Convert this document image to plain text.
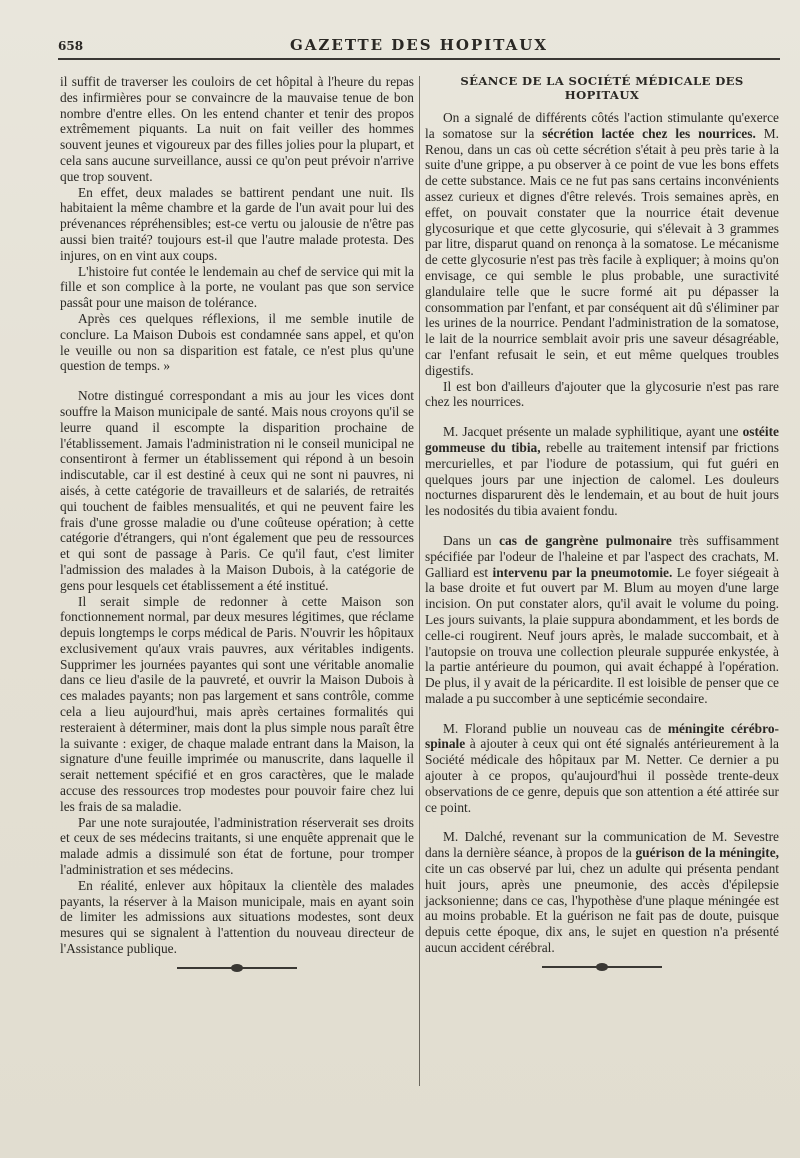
658	GAZETTE DES HOPITAUX

il suffit de traverser les couloirs de cet hôpital à l'heure du repas des infirmières pour se convaincre de la mauvaise tenue de bon nombre d'entre elles. On les entend chanter et tenir des propos extrêmement piquants. La nuit on fait veiller des hommes souvent jeunes et vigoureux par des filles jolies pour la plupart, et cela sans aucune surveillance, aussi ce qu'on peut prévoir n'arrive que trop souvent.

En effet, deux malades se battirent pendant une nuit. Ils habitaient la même chambre et la garde de l'un avait pour lui des prévenances répréhensibles; est-ce vertu ou jalousie de n'être pas aussi bien traité? toujours est-il que l'autre malade protesta. Des injures, on en vint aux coups.

L'histoire fut contée le lendemain au chef de service qui mit la fille et son complice à la porte, ne voulant pas que son service passât pour une maison de tolérance.

Après ces quelques réflexions, il me semble inutile de conclure. La Maison Dubois est condamnée sans appel, et qu'on le veuille ou non sa disparition est fatale, ce n'est plus qu'une question de temps. »

Notre distingué correspondant a mis au jour les vices dont souffre la Maison municipale de santé. Mais nous croyons qu'il se leurre quand il escompte la disparition prochaine de l'établissement. Jamais l'administration ni le conseil municipal ne consentiront à fermer un établissement qui répond à un besoin indiscutable, car il est destiné à ceux qui ne sont ni pauvres, ni aisés, à cette catégorie de travailleurs et de salariés, de retraités qui touchent de faibles mensualités, et qui ne peuvent faire les frais d'une grosse maladie ou d'une coûteuse opération; à cette catégorie d'étrangers, qui n'ont également que peu de ressources et qui sont de passage à Paris. Ce qu'il faut, c'est limiter l'admission des malades à la Maison Dubois, à la catégorie de gens pour lesquels cet établissement a été institué.

Il serait simple de redonner à cette Maison son fonctionnement normal, par deux mesures légitimes, que réclame depuis longtemps le corps médical de Paris. N'ouvrir les hôpitaux exclusivement qu'aux vrais pauvres, aux véritables indigents. Supprimer les journées payantes qui sont une véritable anomalie dans ce lieu d'asile de la pauvreté, et ouvrir la Maison Dubois à ces malades payants; non pas largement et sans contrôle, comme cela a lieu aujourd'hui, mais après certaines formalités qui resteraient à déterminer, mais dont la plus simple nous paraît être la suivante : exiger, de chaque malade entrant dans la Maison, la signature d'une feuille imprimée ou manuscrite, dans laquelle il serait nettement spécifié et en gros caractères, que le malade accuse des ressources trop modestes pour pouvoir faire chez lui les frais de sa maladie.

Par une note surajoutée, l'administration réserverait ses droits et ceux de ses médecins traitants, si une enquête apprenait que le malade admis a dissimulé son état de fortune, pour tromper l'administration et ses médecins.

En réalité, enlever aux hôpitaux la clientèle des malades payants, la réserver à la Maison municipale, mais en ayant soin de limiter les admissions aux situations modestes, sont deux mesures qui se signalent à l'attention du nouveau directeur de l'Assistance publique.

SÉANCE DE LA SOCIÉTÉ MÉDICALE DES HOPITAUX

On a signalé de différents côtés l'action stimulante qu'exerce la somatose sur la sécrétion lactée chez les nourrices. M. Renou, dans un cas où cette sécrétion s'était à peu près tarie à la suite d'une grippe, a pu observer à ce point de vue les bons effets de cette substance. Mais ce ne fut pas sans certains inconvénients assez curieux et dignes d'être relevés. Trois semaines après, en effet, on pouvait constater que la nourrice était devenue glycosurique et que cette glycosurie, qui s'élevait à 3 grammes par litre, disparut quand on renonça à la somatose. Le mécanisme de cette glycosurie n'est pas très facile à expliquer; à moins qu'on envisage, ce qui semble le plus probable, une suractivité glandulaire telle que le sucre formé ait pu dépasser la consommation par l'enfant, et par conséquent ait dû s'éliminer par les urines de la nourrice. Pendant l'administration de la somatose, le lait de la nourrice semblait avoir pris une saveur désagréable, car l'enfant refusait le sein, et eut même quelques troubles digestifs.

Il est bon d'ailleurs d'ajouter que la glycosurie n'est pas rare chez les nourrices.

M. Jacquet présente un malade syphilitique, ayant une ostéite gommeuse du tibia, rebelle au traitement intensif par frictions mercurielles, et par l'iodure de potassium, qui fut guéri en quelques jours par une injection de calomel. Les douleurs nocturnes disparurent dès le lendemain, et au bout de huit jours les nodosités du tibia avaient fondu.

Dans un cas de gangrène pulmonaire très suffisamment spécifiée par l'odeur de l'haleine et par l'aspect des crachats, M. Galliard est intervenu par la pneumotomie. Le foyer siégeait à la base droite et fut ouvert par M. Blum au moyen d'une large incision. On put constater alors, qu'il avait le volume du poing. Les jours suivants, la plaie suppura abondamment, et les bords de celle-ci rougirent. Neuf jours après, le malade succombait, et à l'autopsie on trouva une collection pleurale suppurée enkystée, à la partie antérieure du poumon, qui avait échappé à l'opération. De plus, il y avait de la péricardite. Il est loisible de penser que ce malade a pu succomber à une septicémie secondaire.

M. Florand publie un nouveau cas de méningite cérébro-spinale à ajouter à ceux qui ont été signalés antérieurement à la Société médicale des hôpitaux par M. Netter. Ce dernier a pu ajouter à ce propos, qu'aujourd'hui il possède trente-deux observations de ce genre, depuis que son attention a été attirée sur ce point.

M. Dalché, revenant sur la communication de M. Sevestre dans la dernière séance, à propos de la guérison de la méningite, cite un cas observé par lui, chez un adulte qui présenta pendant huit jours, après une pneumonie, des accès d'épilepsie jacksonienne; dans ce cas, l'hypothèse d'une plaque méningée est au moins probable. Et la guérison ne fait pas de doute, puisque depuis cette époque, dix ans, le sujet en question n'a présenté aucun accident cérébral.
